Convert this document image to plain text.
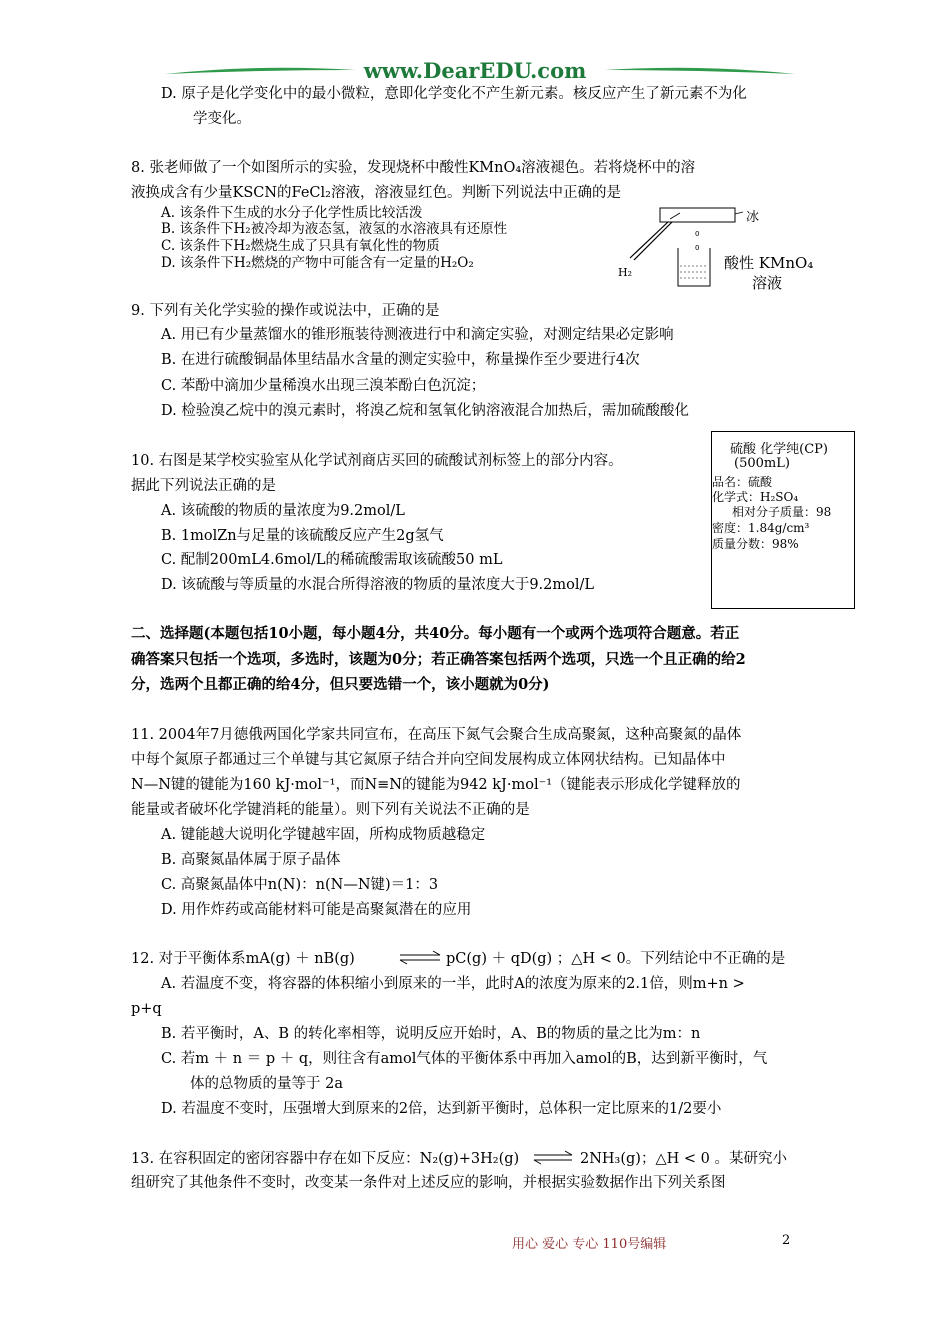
www.DearEDU.com
D. 原子是化学变化中的最小微粒，意即化学变化不产生新元素。核反应产生了新元素不为化
学变化。
8. 张老师做了一个如图所示的实验，发现烧杯中酸性KMnO₄溶液褪色。若将烧杯中的溶
液换成含有少量KSCN的FeCl₂溶液，溶液显红色。判断下列说法中正确的是
A. 该条件下生成的水分子化学性质比较活泼
B. 该条件下H₂被冷却为液态氢，液氢的水溶液具有还原性
C. 该条件下H₂燃烧生成了只具有氧化性的物质
D. 该条件下H₂燃烧的产物中可能含有一定量的H₂O₂
0
0
冰
酸性 KMnO₄
溶液
H₂
9. 下列有关化学实验的操作或说法中，正确的是
A. 用已有少量蒸馏水的锥形瓶装待测液进行中和滴定实验，对测定结果必定影响
B. 在进行硫酸铜晶体里结晶水含量的测定实验中，称量操作至少要进行4次
C. 苯酚中滴加少量稀溴水出现三溴苯酚白色沉淀；
D. 检验溴乙烷中的溴元素时，将溴乙烷和氢氧化钠溶液混合加热后，需加硫酸酸化
10. 右图是某学校实验室从化学试剂商店买回的硫酸试剂标签上的部分内容。
据此下列说法正确的是
A. 该硫酸的物质的量浓度为9.2mol/L
B. 1molZn与足量的该硫酸反应产生2g氢气
C. 配制200mL4.6mol/L的稀硫酸需取该硫酸50 mL
D. 该硫酸与等质量的水混合所得溶液的物质的量浓度大于9.2mol/L
硫酸 化学纯(CP)
(500mL)
品名：硫酸
化学式：H₂SO₄
相对分子质量：98
密度：1.84g/cm³
质量分数：98%
二、选择题(本题包括10小题，每小题4分，共40分。每小题有一个或两个选项符合题意。若正
确答案只包括一个选项，多选时，该题为0分；若正确答案包括两个选项，只选一个且正确的给2
分，选两个且都正确的给4分，但只要选错一个，该小题就为0分)
11. 2004年7月德俄两国化学家共同宣布，在高压下氮气会聚合生成高聚氮，这种高聚氮的晶体
中每个氮原子都通过三个单键与其它氮原子结合并向空间发展构成立体网状结构。已知晶体中
N—N键的键能为160 kJ·mol⁻¹，而N≡N的键能为942 kJ·mol⁻¹（键能表示形成化学键释放的
能量或者破坏化学键消耗的能量）。则下列有关说法不正确的是
A. 键能越大说明化学键越牢固，所构成物质越稳定
B. 高聚氮晶体属于原子晶体
C. 高聚氮晶体中n(N)：n(N—N键)＝1：3
D. 用作炸药或高能材料可能是高聚氮潜在的应用
12. 对于平衡体系mA(g) ＋ nB(g)	⇌ pC(g) ＋ qD(g) ；△H < 0。下列结论中不正确的是
A. 若温度不变，将容器的体积缩小到原来的一半，此时A的浓度为原来的2.1倍，则m+n >
p+q
B. 若平衡时，A、B 的转化率相等，说明反应开始时，A、B的物质的量之比为m：n
C. 若m ＋ n ＝ p ＋ q，则往含有amol气体的平衡体系中再加入amol的B，达到新平衡时，气
体的总物质的量等于 2a
D. 若温度不变时，压强增大到原来的2倍，达到新平衡时，总体积一定比原来的1/2要小
13. 在容积固定的密闭容器中存在如下反应：N₂(g)+3H₂(g) ⇌ 2NH₃(g)；△H < 0 。某研究小
组研究了其他条件不变时，改变某一条件对上述反应的影响，并根据实验数据作出下列关系图
用心 爱心 专心 110号编辑	2
